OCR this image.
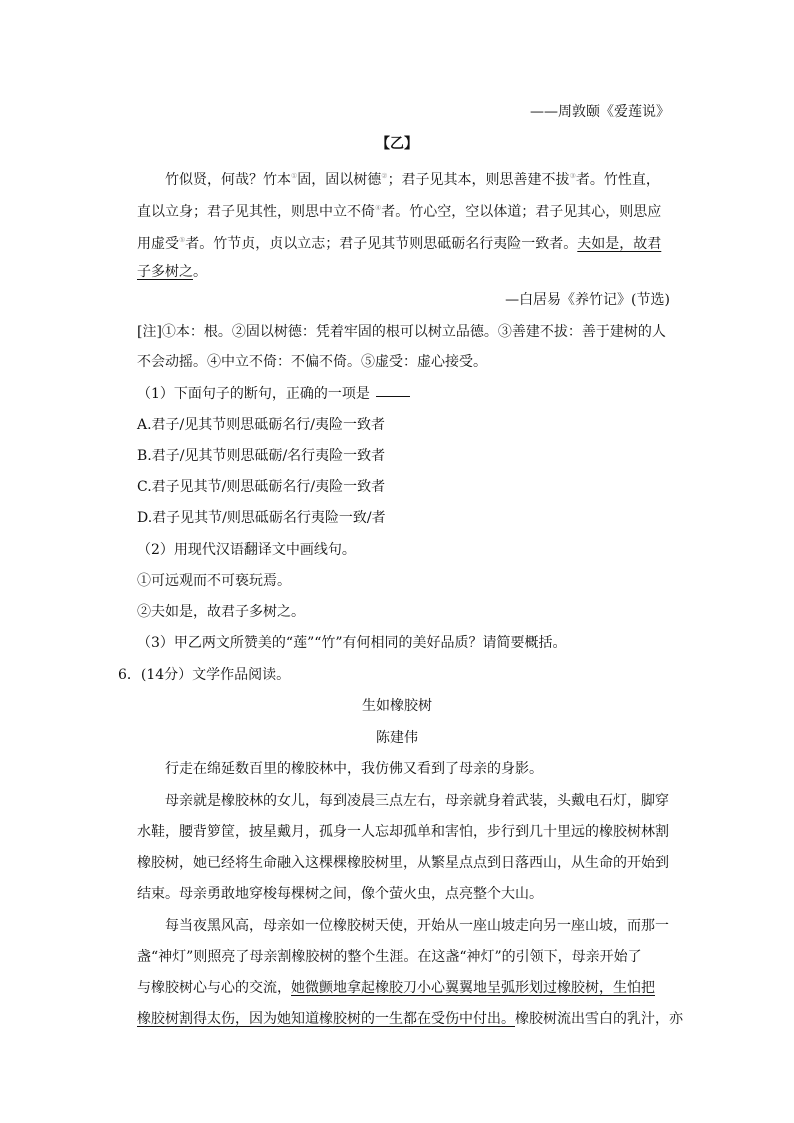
——周敦颐《爱莲说》
【乙】
竹似贤，何哉？竹本①固，固以树德②；君子见其本，则思善建不拔③者。竹性直，
直以立身；君子见其性，则思中立不倚④者。竹心空，空以体道；君子见其心，则思应
用虚受⑤者。竹节贞，贞以立志；君子见其节则思砥砺名行夷险一致者。夫如是，故君
子多树之。
—白居易《养竹记》(节选)
[注]①本：根。②固以树德：凭着牢固的根可以树立品德。③善建不拔：善于建树的人
不会动摇。④中立不倚：不偏不倚。⑤虚受：虚心接受。
（1）下面句子的断句，正确的一项是
A.君子/见其节则思砥砺名行/夷险一致者
B.君子/见其节则思砥砺/名行夷险一致者
C.君子见其节/则思砥砺名行/夷险一致者
D.君子见其节/则思砥砺名行夷险一致/者
（2）用现代汉语翻译文中画线句。
①可远观而不可亵玩焉。
②夫如是，故君子多树之。
（3）甲乙两文所赞美的“莲”“竹”有何相同的美好品质？请简要概括。
6．(14分）文学作品阅读。
生如橡胶树
陈建伟
行走在绵延数百里的橡胶林中，我仿佛又看到了母亲的身影。
母亲就是橡胶林的女儿，每到凌晨三点左右，母亲就身着武装，头戴电石灯，脚穿
水鞋，腰背箩筐，披星戴月，孤身一人忘却孤单和害怕，步行到几十里远的橡胶树林割
橡胶树，她已经将生命融入这棵棵橡胶树里，从繁星点点到日落西山，从生命的开始到
结束。母亲勇敢地穿梭每棵树之间，像个萤火虫，点亮整个大山。
每当夜黑风高，母亲如一位橡胶树天使，开始从一座山坡走向另一座山坡，而那一
盏“神灯”则照亮了母亲割橡胶树的整个生涯。在这盏“神灯”的引领下，母亲开始了
与橡胶树心与心的交流，她微颤地拿起橡胶刀小心翼翼地呈弧形划过橡胶树，生怕把
橡胶树割得太伤，因为她知道橡胶树的一生都在受伤中付出。橡胶树流出雪白的乳汁，亦
